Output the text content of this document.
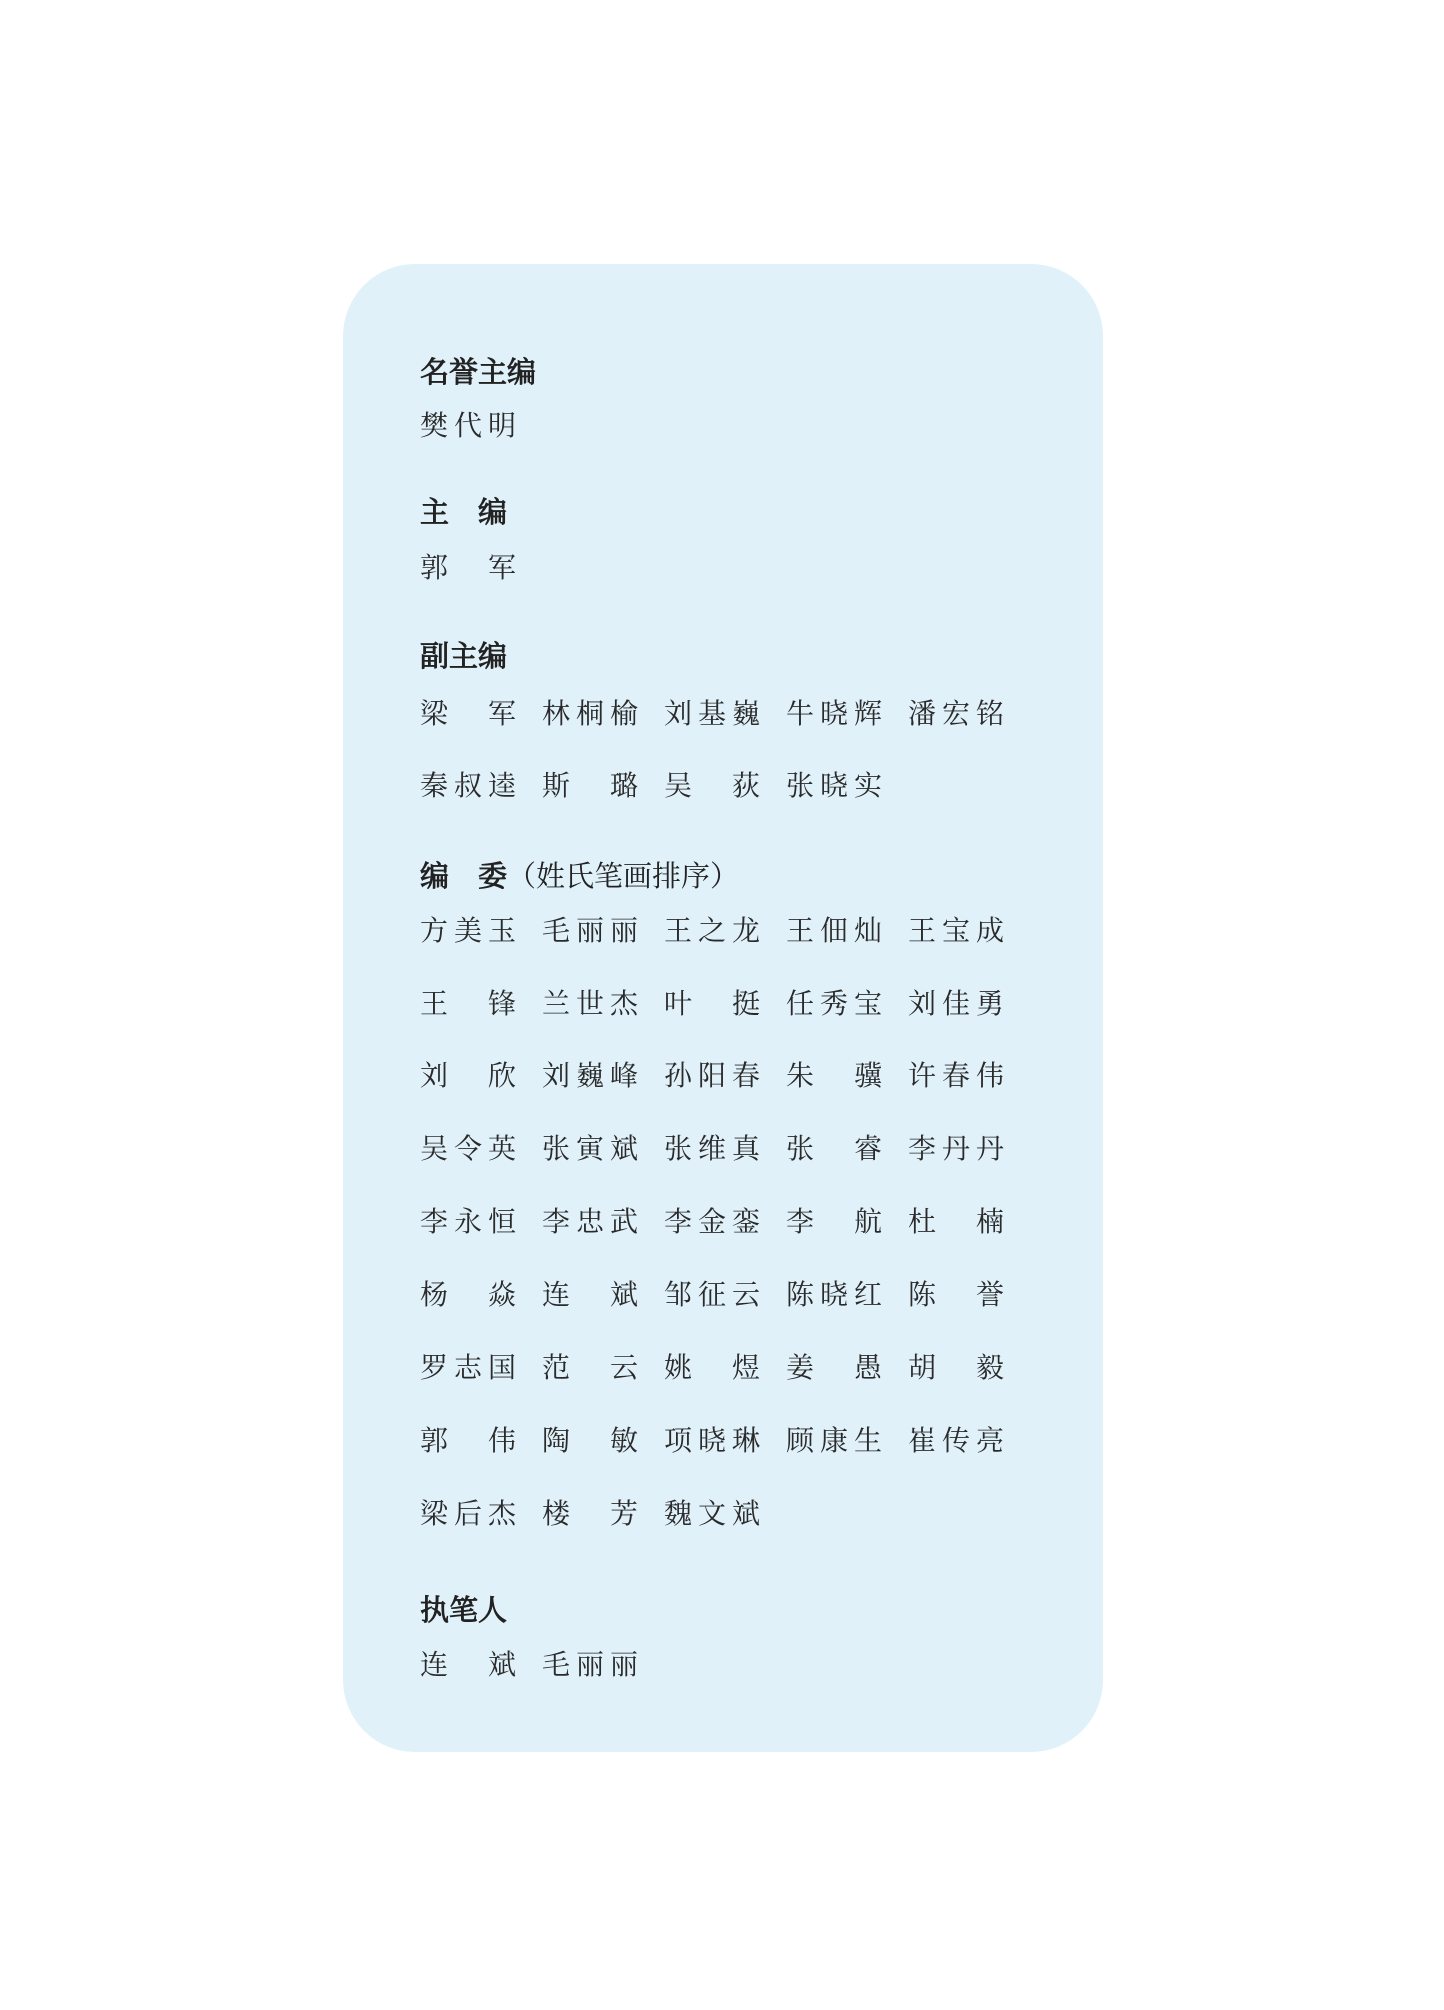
名誉主编
樊 代 明
主　编
郭 军
副主编
梁 军 林 桐 榆 刘 基 巍 牛 晓 辉 潘 宏 铭
秦 叔 逵 斯 璐 吴 荻 张 晓 实
编　委（姓氏笔画排序）
方 美 玉 毛 丽 丽 王 之 龙 王 佃 灿 王 宝 成
王 锋 兰 世 杰 叶 挺 任 秀 宝 刘 佳 勇
刘 欣 刘 巍 峰 孙 阳 春 朱 骥 许 春 伟
吴 令 英 张 寅 斌 张 维 真 张 睿 李 丹 丹
李 永 恒 李 忠 武 李 金 銮 李 航 杜 楠
杨 焱 连 斌 邹 征 云 陈 晓 红 陈 誉
罗 志 国 范 云 姚 煜 姜 愚 胡 毅
郭 伟 陶 敏 项 晓 琳 顾 康 生 崔 传 亮
梁 后 杰 楼 芳 魏 文 斌
执笔人
连 斌 毛 丽 丽
